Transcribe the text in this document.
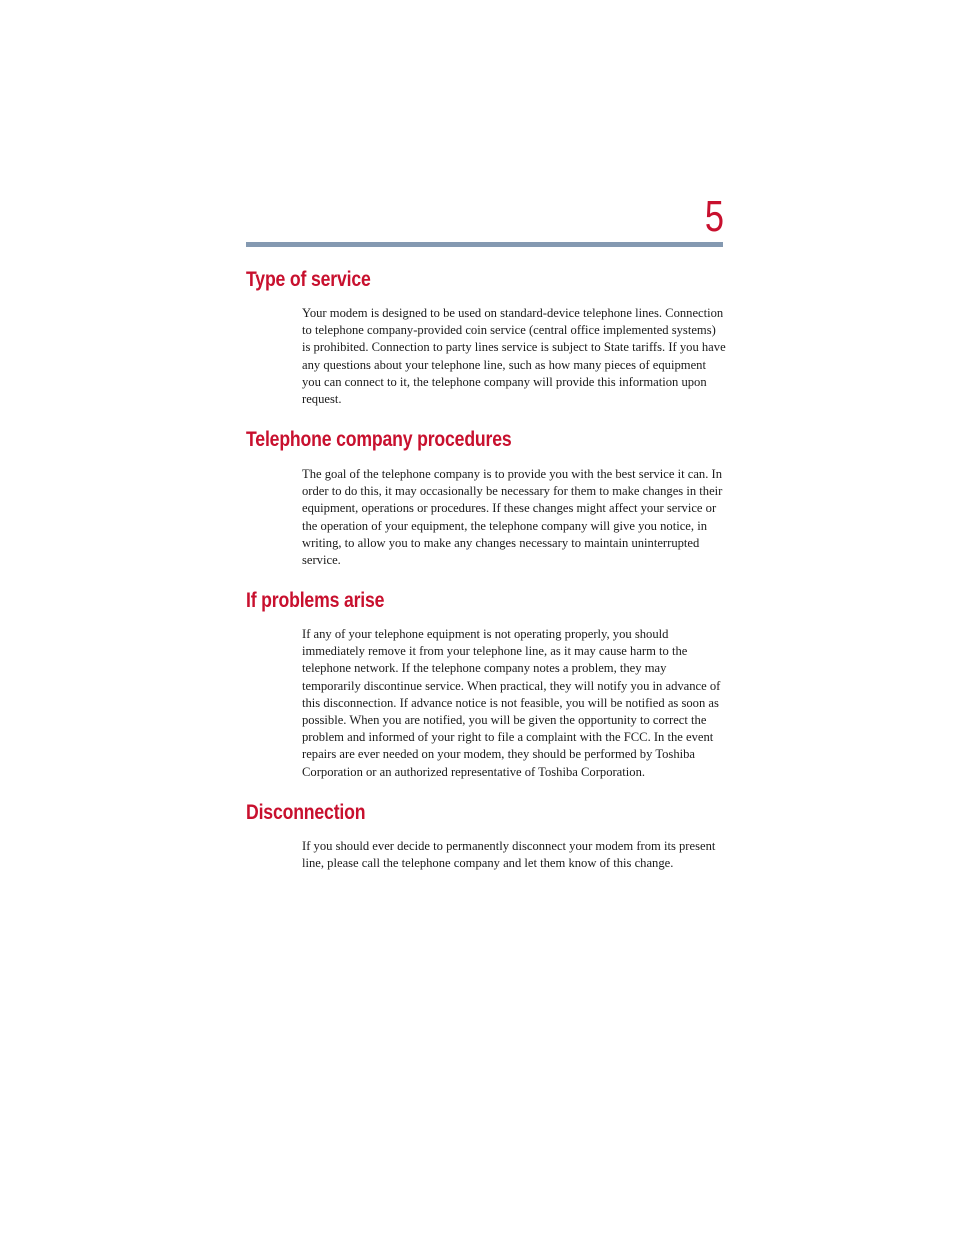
5
Type of service

Your modem is designed to be used on standard-device telephone lines. Connection to telephone company-provided coin service (central office implemented systems) is prohibited. Connection to party lines service is subject to State tariffs. If you have any questions about your telephone line, such as how many pieces of equipment you can connect to it, the telephone company will provide this information upon request.

Telephone company procedures

The goal of the telephone company is to provide you with the best service it can. In order to do this, it may occasionally be necessary for them to make changes in their equipment, operations or procedures. If these changes might affect your service or the operation of your equipment, the telephone company will give you notice, in writing, to allow you to make any changes necessary to maintain uninterrupted service.

If problems arise

If any of your telephone equipment is not operating properly, you should immediately remove it from your telephone line, as it may cause harm to the telephone network. If the telephone company notes a problem, they may temporarily discontinue service. When practical, they will notify you in advance of this disconnection. If advance notice is not feasible, you will be notified as soon as possible. When you are notified, you will be given the opportunity to correct the problem and informed of your right to file a complaint with the FCC. In the event repairs are ever needed on your modem, they should be performed by Toshiba Corporation or an authorized representative of Toshiba Corporation.

Disconnection

If you should ever decide to permanently disconnect your modem from its present line, please call the telephone company and let them know of this change.
